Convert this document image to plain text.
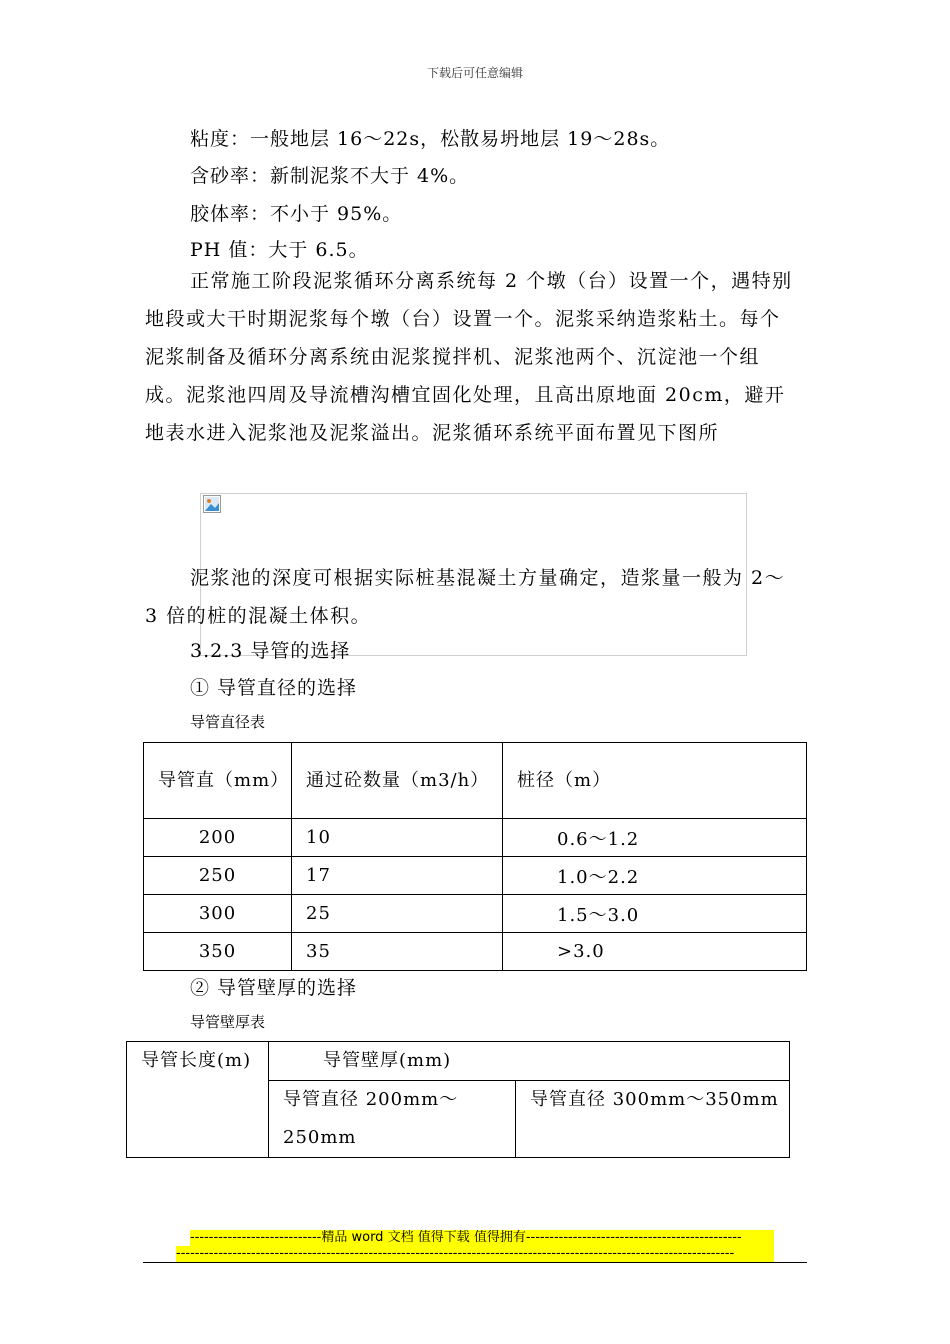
下载后可任意编辑
粘度：一般地层 16～22s，松散易坍地层 19～28s。
含砂率：新制泥浆不大于 4%。
胶体率：不小于 95%。
PH 值：大于 6.5。
正常施工阶段泥浆循环分离系统每 2 个墩（台）设置一个，遇特别地段或大干时期泥浆每个墩（台）设置一个。泥浆采纳造浆粘土。每个泥浆制备及循环分离系统由泥浆搅拌机、泥浆池两个、沉淀池一个组成。泥浆池四周及导流槽沟槽宜固化处理，且高出原地面 20cm，避开地表水进入泥浆池及泥浆溢出。泥浆循环系统平面布置见下图所
泥浆池的深度可根据实际桩基混凝土方量确定，造浆量一般为 2～3 倍的桩的混凝土体积。
3.2.3 导管的选择
① 导管直径的选择
导管直径表
导管直（mm）	通过砼数量（m3/h）	桩径（m）
200	10	0.6～1.2
250	17	1.0～2.2
300	25	1.5～3.0
350	35	>3.0
② 导管壁厚的选择
导管壁厚表
导管长度(m)	导管壁厚(mm)	
	导管直径 200mm～250mm	导管直径 300mm～350mm
----------------------------精品 word 文档 值得下载 值得拥有----------------------------------------------
-----------------------------------------------------------------------------------------------------------------------
